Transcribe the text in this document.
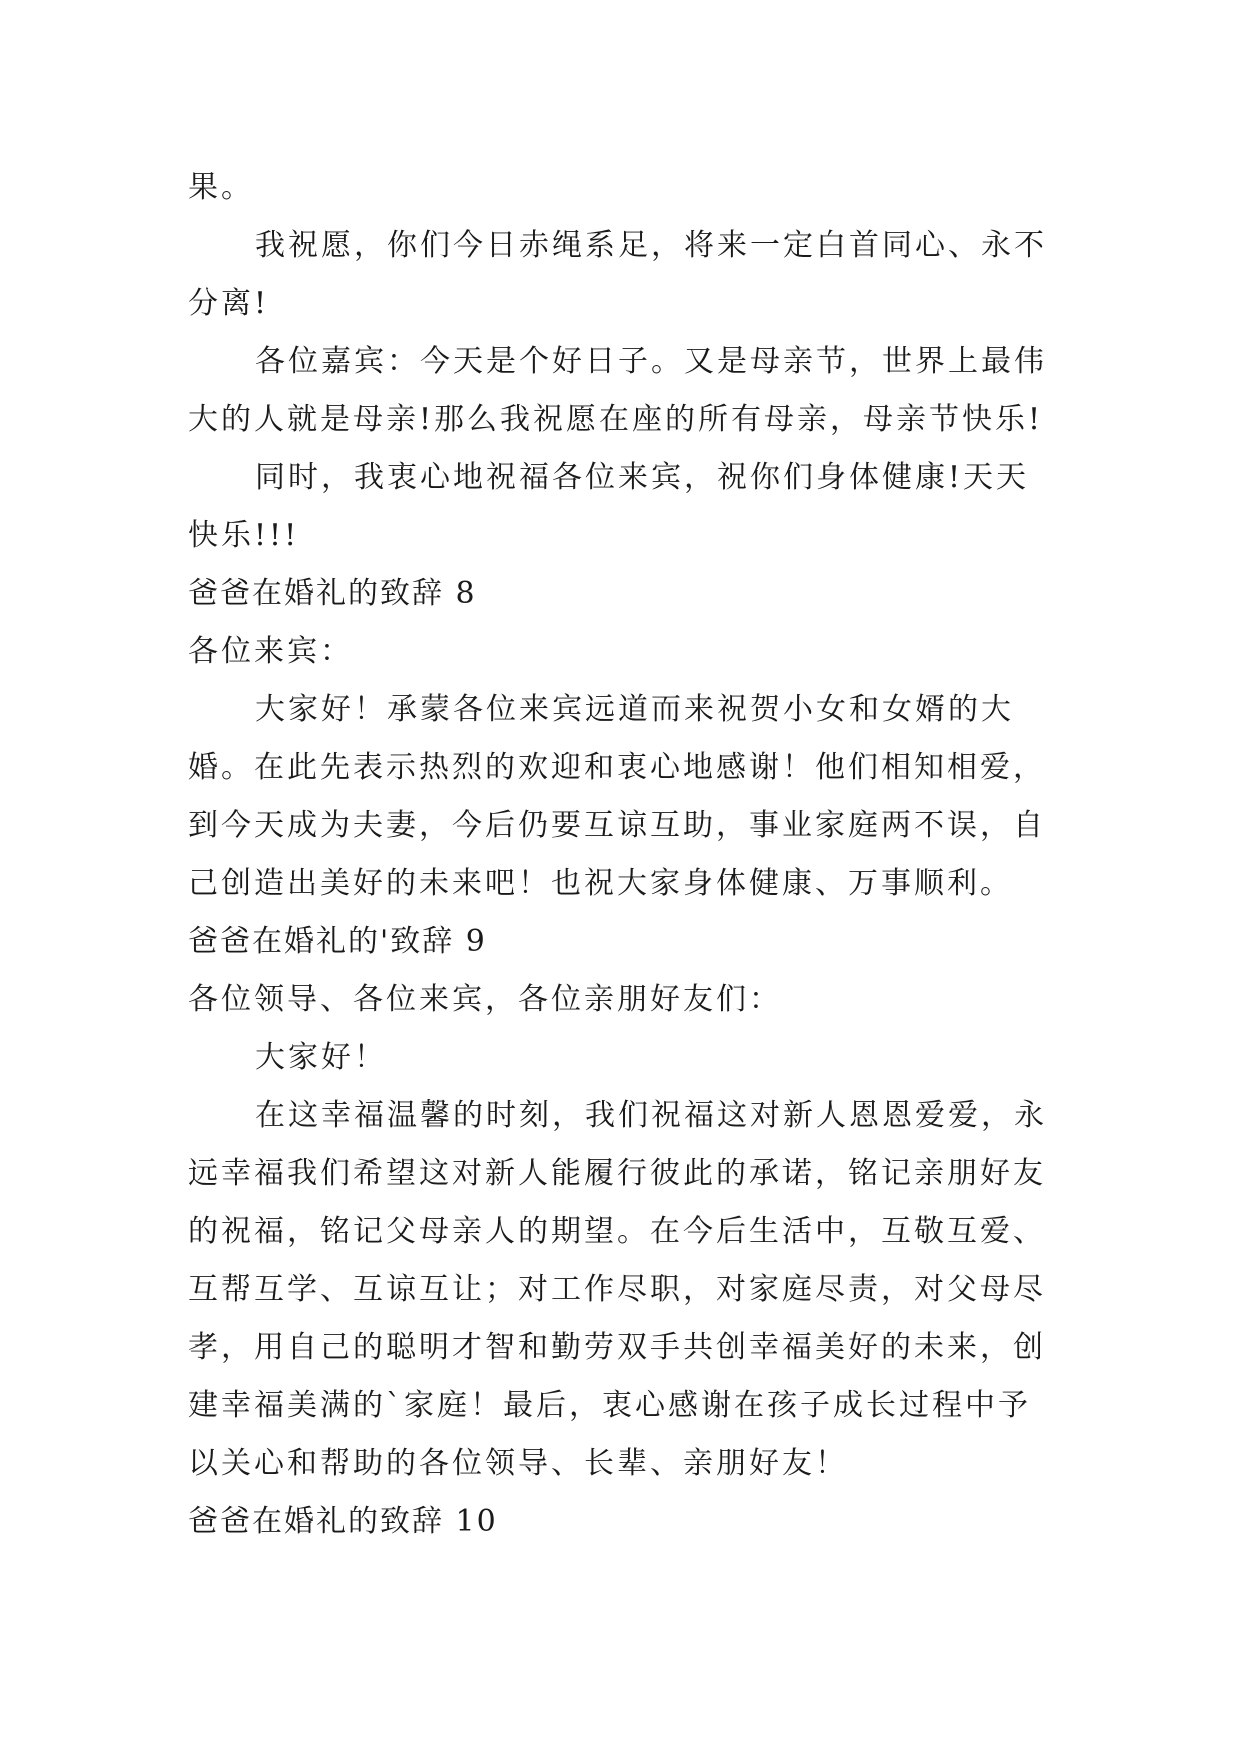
果。

我祝愿，你们今日赤绳系足，将来一定白首同心、永不

分离!

各位嘉宾：今天是个好日子。又是母亲节，世界上最伟

大的人就是母亲!那么我祝愿在座的所有母亲，母亲节快乐!

同时，我衷心地祝福各位来宾，祝你们身体健康!天天

快乐!!!

爸爸在婚礼的致辞 8

各位来宾：

大家好！承蒙各位来宾远道而来祝贺小女和女婿的大

婚。在此先表示热烈的欢迎和衷心地感谢！他们相知相爱，

到今天成为夫妻，今后仍要互谅互助，事业家庭两不误，自

己创造出美好的未来吧！也祝大家身体健康、万事顺利。

爸爸在婚礼的'致辞 9

各位领导、各位来宾，各位亲朋好友们：

大家好！

在这幸福温馨的时刻，我们祝福这对新人恩恩爱爱，永

远幸福我们希望这对新人能履行彼此的承诺，铭记亲朋好友

的祝福，铭记父母亲人的期望。在今后生活中，互敬互爱、

互帮互学、互谅互让；对工作尽职，对家庭尽责，对父母尽

孝，用自己的聪明才智和勤劳双手共创幸福美好的未来，创

建幸福美满的`家庭！最后，衷心感谢在孩子成长过程中予

以关心和帮助的各位领导、长辈、亲朋好友！

爸爸在婚礼的致辞 10
